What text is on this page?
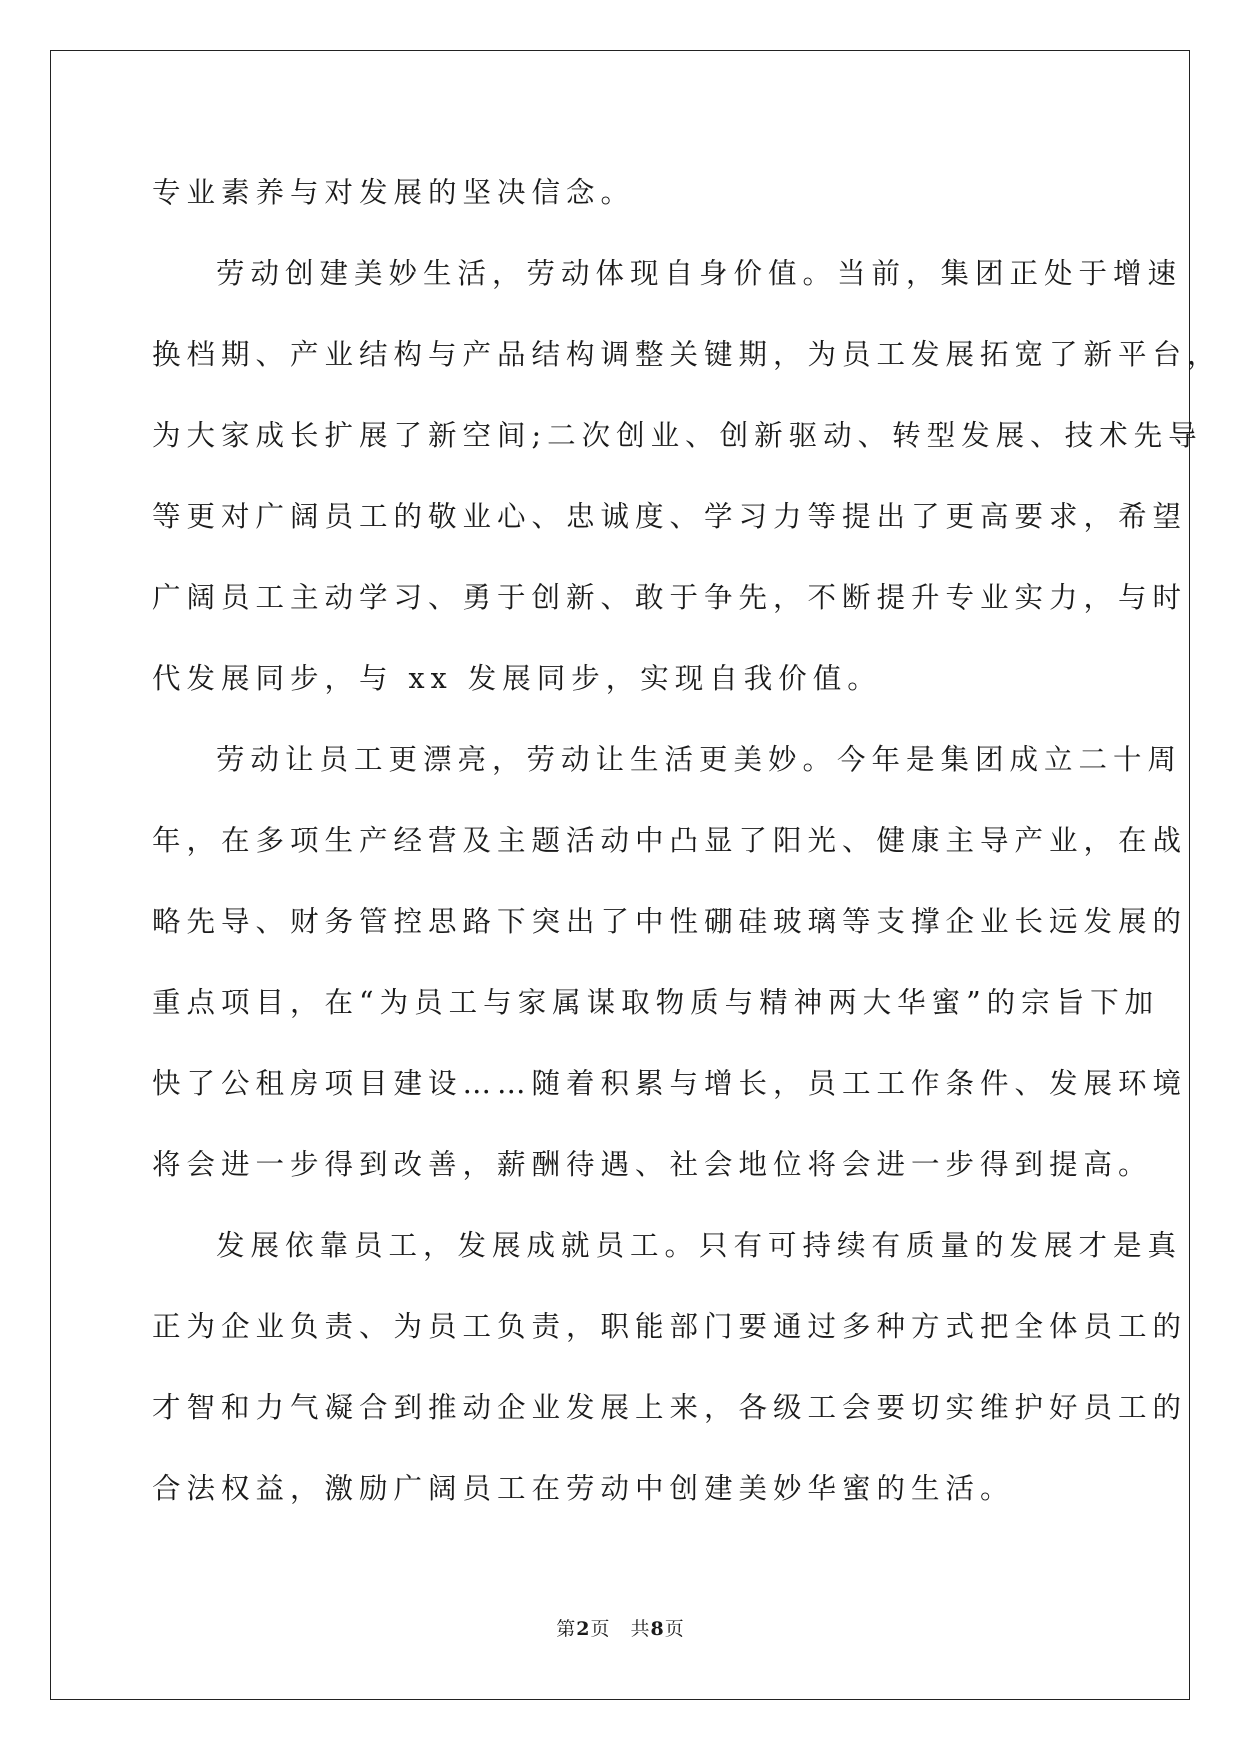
专业素养与对发展的坚决信念。
劳动创建美妙生活，劳动体现自身价值。当前，集团正处于增速
换档期、产业结构与产品结构调整关键期，为员工发展拓宽了新平台，
为大家成长扩展了新空间;二次创业、创新驱动、转型发展、技术先导
等更对广阔员工的敬业心、忠诚度、学习力等提出了更高要求，希望
广阔员工主动学习、勇于创新、敢于争先，不断提升专业实力，与时
代发展同步，与 xx 发展同步，实现自我价值。
劳动让员工更漂亮，劳动让生活更美妙。今年是集团成立二十周
年，在多项生产经营及主题活动中凸显了阳光、健康主导产业，在战
略先导、财务管控思路下突出了中性硼硅玻璃等支撑企业长远发展的
重点项目，在“为员工与家属谋取物质与精神两大华蜜”的宗旨下加
快了公租房项目建设……随着积累与增长，员工工作条件、发展环境
将会进一步得到改善，薪酬待遇、社会地位将会进一步得到提高。
发展依靠员工，发展成就员工。只有可持续有质量的发展才是真
正为企业负责、为员工负责，职能部门要通过多种方式把全体员工的
才智和力气凝合到推动企业发展上来，各级工会要切实维护好员工的
合法权益，激励广阔员工在劳动中创建美妙华蜜的生活。
第2页　共8页
